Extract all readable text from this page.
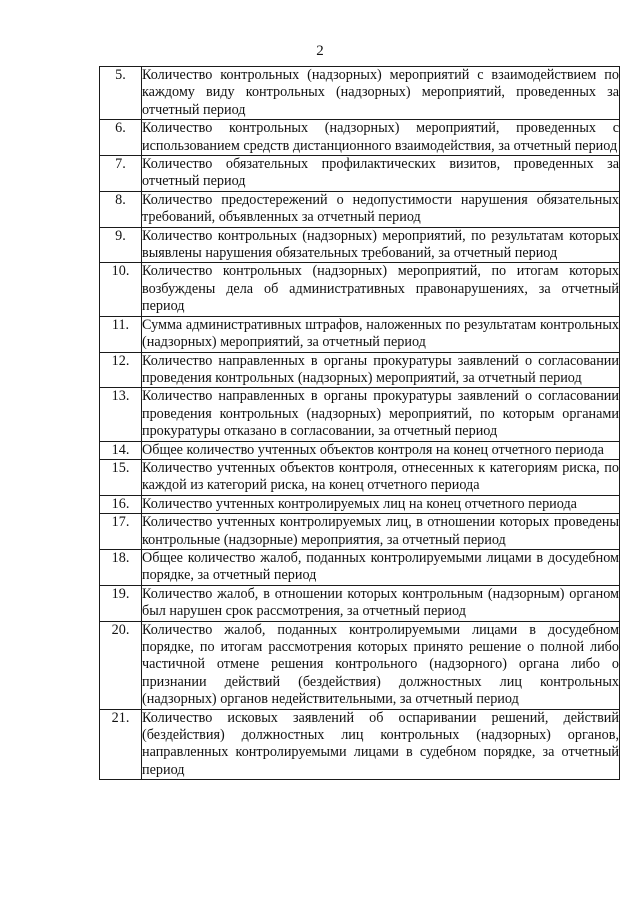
2
5.	Количество контрольных (надзорных) мероприятий с взаимодействием по каждому виду контрольных (надзорных) мероприятий, проведенных за отчетный период
6.	Количество контрольных (надзорных) мероприятий, проведенных с использованием средств дистанционного взаимодействия, за отчетный период
7.	Количество обязательных профилактических визитов, проведенных за отчетный период
8.	Количество предостережений о недопустимости нарушения обязательных требований, объявленных за отчетный период
9.	Количество контрольных (надзорных) мероприятий, по результатам которых выявлены нарушения обязательных требований, за отчетный период
10.	Количество контрольных (надзорных) мероприятий, по итогам которых возбуждены дела об административных правонарушениях, за отчетный период
11.	Сумма административных штрафов, наложенных по результатам контрольных (надзорных) мероприятий, за отчетный период
12.	Количество направленных в органы прокуратуры заявлений о согласовании проведения контрольных (надзорных) мероприятий, за отчетный период
13.	Количество направленных в органы прокуратуры заявлений о согласовании проведения контрольных (надзорных) мероприятий, по которым органами прокуратуры отказано в согласовании, за отчетный период
14.	Общее количество учтенных объектов контроля на конец отчетного периода
15.	Количество учтенных объектов контроля, отнесенных к категориям риска, по каждой из категорий риска, на конец отчетного периода
16.	Количество учтенных контролируемых лиц на конец отчетного периода
17.	Количество учтенных контролируемых лиц, в отношении которых проведены контрольные (надзорные) мероприятия, за отчетный период
18.	Общее количество жалоб, поданных контролируемыми лицами в досудебном порядке, за отчетный период
19.	Количество жалоб, в отношении которых контрольным (надзорным) органом был нарушен срок рассмотрения, за отчетный период
20.	Количество жалоб, поданных контролируемыми лицами в досудебном порядке, по итогам рассмотрения которых принято решение о полной либо частичной отмене решения контрольного (надзорного) органа либо о признании действий (бездействия) должностных лиц контрольных (надзорных) органов недействительными, за отчетный период
21.	Количество исковых заявлений об оспаривании решений, действий (бездействия) должностных лиц контрольных (надзорных) органов, направленных контролируемыми лицами в судебном порядке, за отчетный период
